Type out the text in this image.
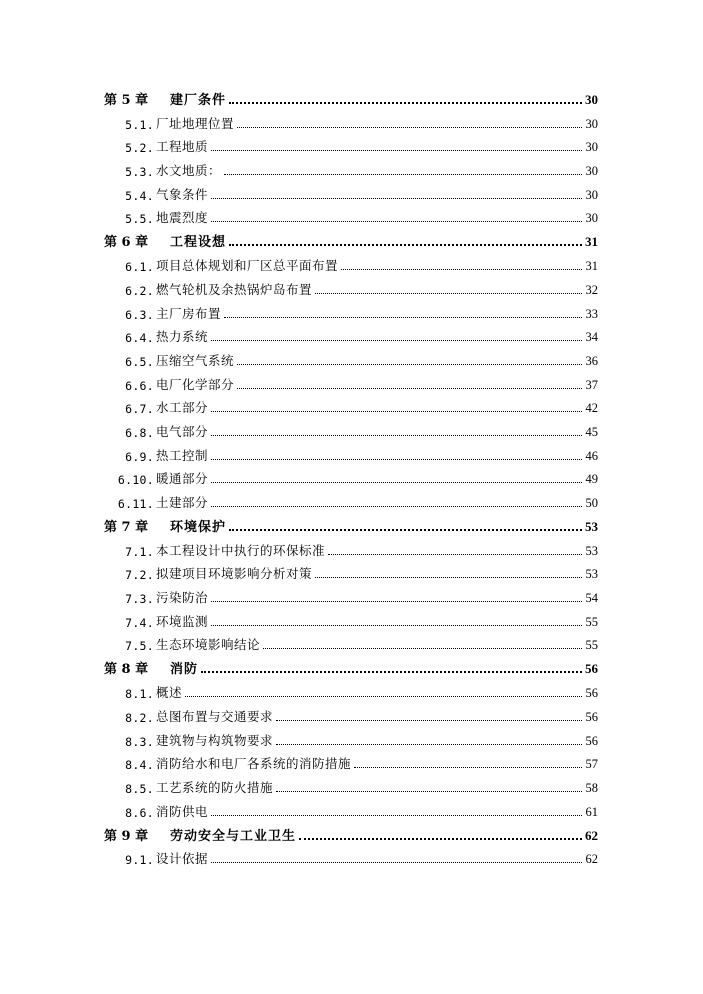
第 5 章	建厂条件	30
5.1. 厂址地理位置	30
5.2. 工程地质	30
5.3. 水文地质：	30
5.4. 气象条件	30
5.5. 地震烈度	30
第 6 章	工程设想	31
6.1. 项目总体规划和厂区总平面布置	31
6.2. 燃气轮机及余热锅炉岛布置	32
6.3. 主厂房布置	33
6.4. 热力系统	34
6.5. 压缩空气系统	36
6.6. 电厂化学部分	37
6.7. 水工部分	42
6.8. 电气部分	45
6.9. 热工控制	46
6.10. 暖通部分	49
6.11. 土建部分	50
第 7 章	环境保护	53
7.1. 本工程设计中执行的环保标准	53
7.2. 拟建项目环境影响分析对策	53
7.3. 污染防治	54
7.4. 环境监测	55
7.5. 生态环境影响结论	55
第 8 章	消防	56
8.1. 概述	56
8.2. 总图布置与交通要求	56
8.3. 建筑物与构筑物要求	56
8.4. 消防给水和电厂各系统的消防措施	57
8.5. 工艺系统的防火措施	58
8.6. 消防供电	61
第 9 章	劳动安全与工业卫生	62
9.1. 设计依据	62
